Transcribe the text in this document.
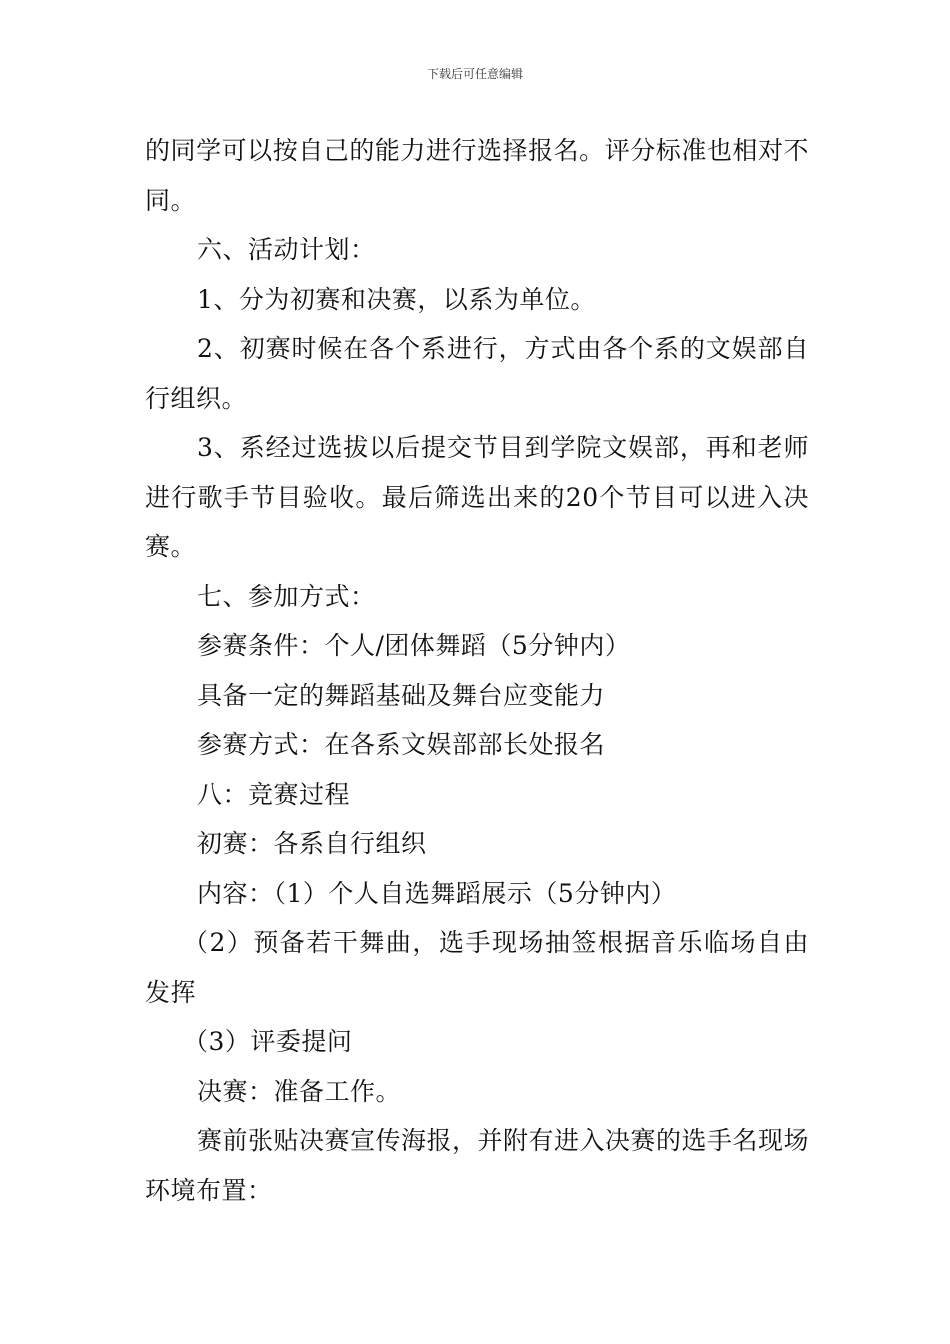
下载后可任意编辑

的同学可以按自己的能力进行选择报名。评分标准也相对不同。

六、活动计划：

1、分为初赛和决赛，以系为单位。

2、初赛时候在各个系进行，方式由各个系的文娱部自行组织。

3、系经过选拔以后提交节目到学院文娱部，再和老师进行歌手节目验收。最后筛选出来的20个节目可以进入决赛。

七、参加方式：

参赛条件：个人/团体舞蹈（5分钟内）

具备一定的舞蹈基础及舞台应变能力

参赛方式：在各系文娱部部长处报名

八：竞赛过程

初赛：各系自行组织

内容：（1）个人自选舞蹈展示（5分钟内）

（2）预备若干舞曲，选手现场抽签根据音乐临场自由发挥

（3）评委提问

决赛：准备工作。

赛前张贴决赛宣传海报，并附有进入决赛的选手名现场环境布置：
